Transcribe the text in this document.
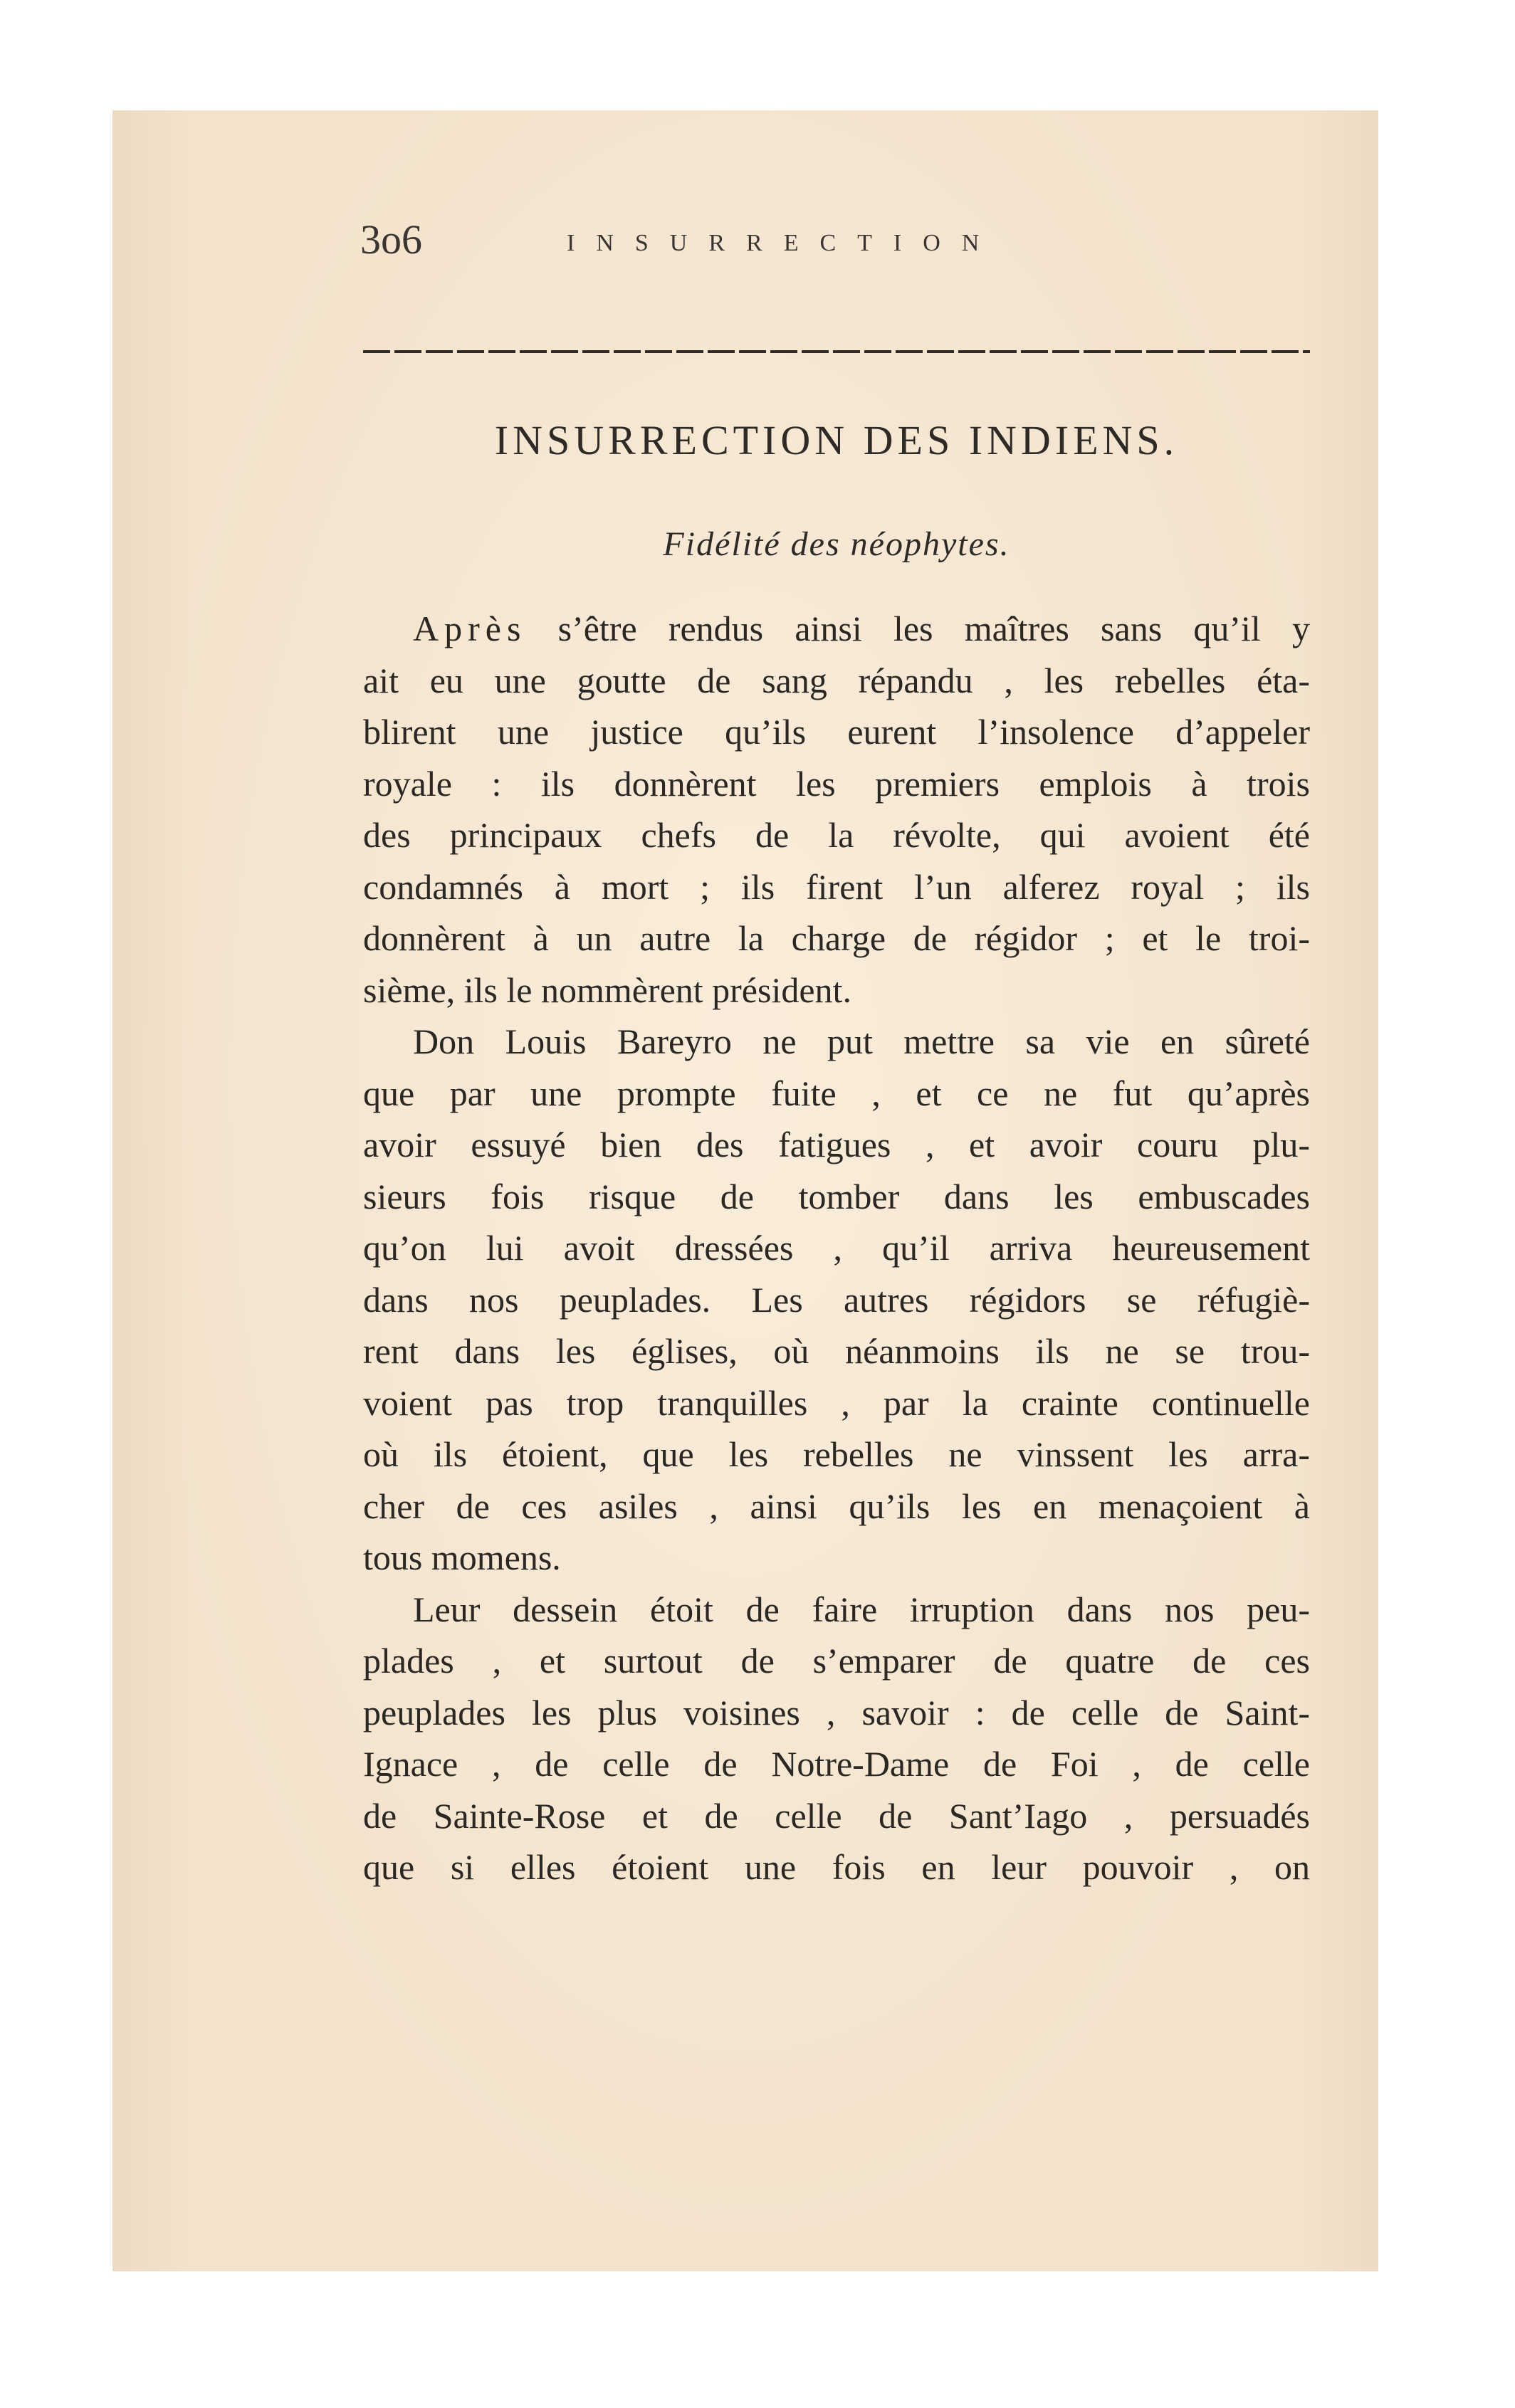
3o6	INSURRECTION
INSURRECTION DES INDIENS.
Fidélité des néophytes.
Après s’être rendus ainsi les maîtres sans qu’il y
ait eu une goutte de sang répandu , les rebelles éta-
blirent une justice qu’ils eurent l’insolence d’appeler
royale : ils donnèrent les premiers emplois à trois
des principaux chefs de la révolte, qui avoient été
condamnés à mort ; ils firent l’un alferez royal ; ils
donnèrent à un autre la charge de régidor ; et le troi-
sième, ils le nommèrent président.
Don Louis Bareyro ne put mettre sa vie en sûreté
que par une prompte fuite , et ce ne fut qu’après
avoir essuyé bien des fatigues , et avoir couru plu-
sieurs fois risque de tomber dans les embuscades
qu’on lui avoit dressées , qu’il arriva heureusement
dans nos peuplades. Les autres régidors se réfugiè-
rent dans les églises, où néanmoins ils ne se trou-
voient pas trop tranquilles , par la crainte continuelle
où ils étoient, que les rebelles ne vinssent les arra-
cher de ces asiles , ainsi qu’ils les en menaçoient à
tous momens.
Leur dessein étoit de faire irruption dans nos peu-
plades , et surtout de s’emparer de quatre de ces
peuplades les plus voisines , savoir : de celle de Saint-
Ignace , de celle de Notre-Dame de Foi , de celle
de Sainte-Rose et de celle de Sant’Iago , persuadés
que si elles étoient une fois en leur pouvoir , on
